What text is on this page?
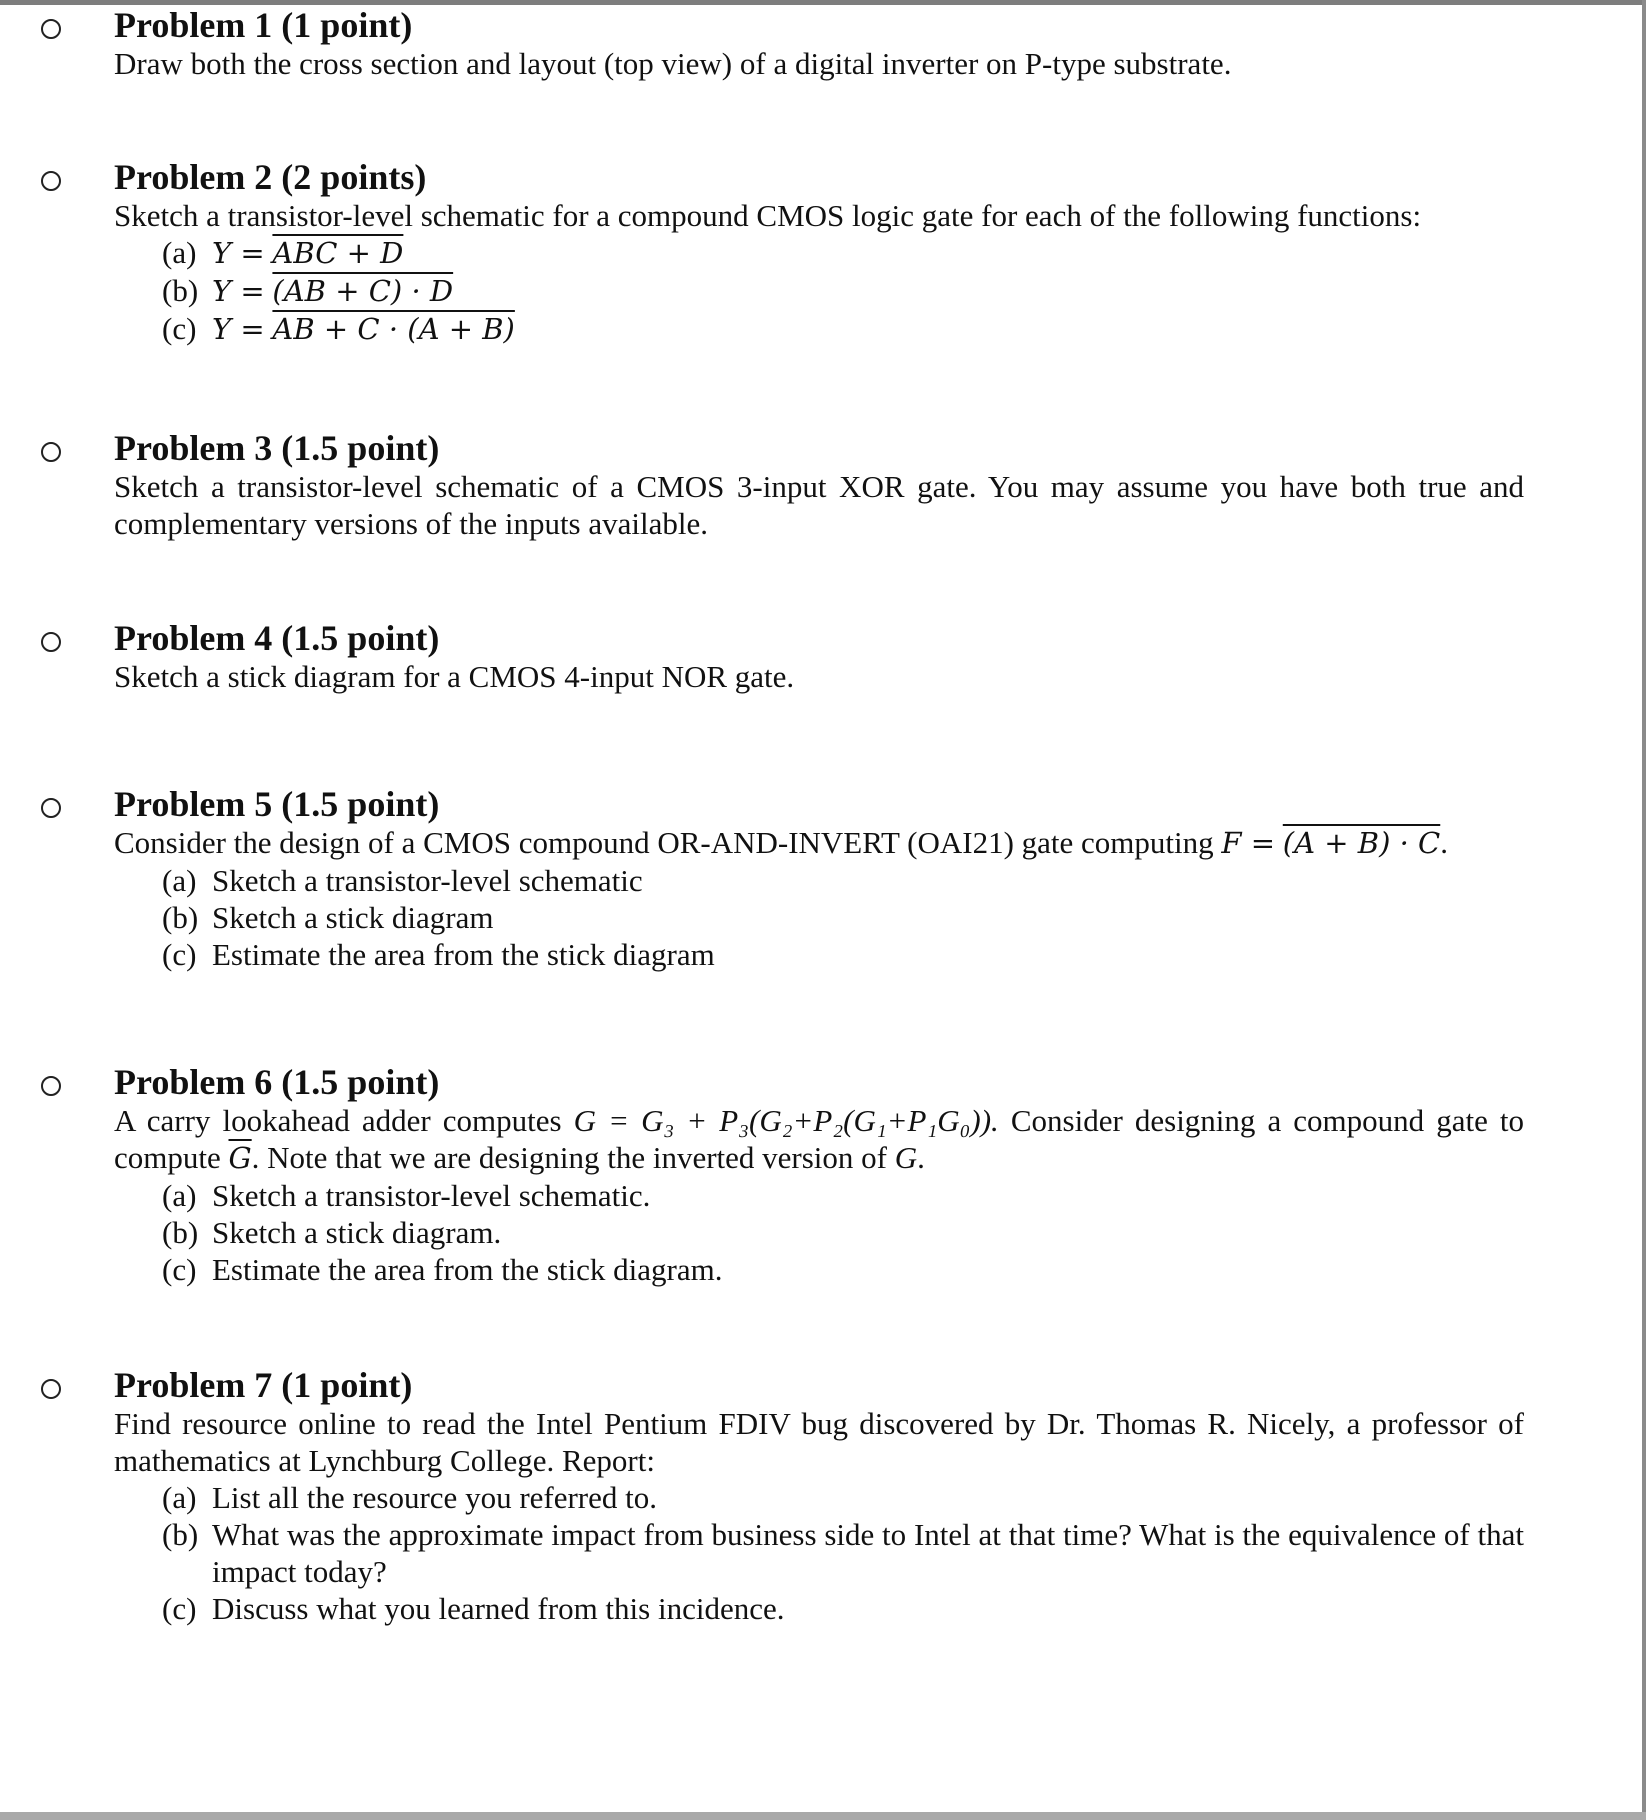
Problem 1 (1 point)
Draw both the cross section and layout (top view) of a digital inverter on P-type substrate.
Problem 2 (2 points)
Sketch a transistor-level schematic for a compound CMOS logic gate for each of the following functions:
(a) Y = ABC + D
(b) Y = (AB + C) · D
(c) Y = AB + C · (A + B)
Problem 3 (1.5 point)
Sketch a transistor-level schematic of a CMOS 3-input XOR gate. You may assume you have both true and complementary versions of the inputs available.
Problem 4 (1.5 point)
Sketch a stick diagram for a CMOS 4-input NOR gate.
Problem 5 (1.5 point)
Consider the design of a CMOS compound OR-AND-INVERT (OAI21) gate computing F = (A + B) · C.
(a) Sketch a transistor-level schematic
(b) Sketch a stick diagram
(c) Estimate the area from the stick diagram
Problem 6 (1.5 point)
A carry lookahead adder computes G = G₃ + P₃(G₂+P₂(G₁+P₁G₀)). Consider designing a compound gate to compute $\overline{G}$. Note that we are designing the inverted version of G.
(a) Sketch a transistor-level schematic.
(b) Sketch a stick diagram.
(c) Estimate the area from the stick diagram.
Problem 7 (1 point)
Find resource online to read the Intel Pentium FDIV bug discovered by Dr. Thomas R. Nicely, a professor of mathematics at Lynchburg College. Report:
(a) List all the resource you referred to.
(b) What was the approximate impact from business side to Intel at that time? What is the equivalence of that impact today?
(c) Discuss what you learned from this incidence.
